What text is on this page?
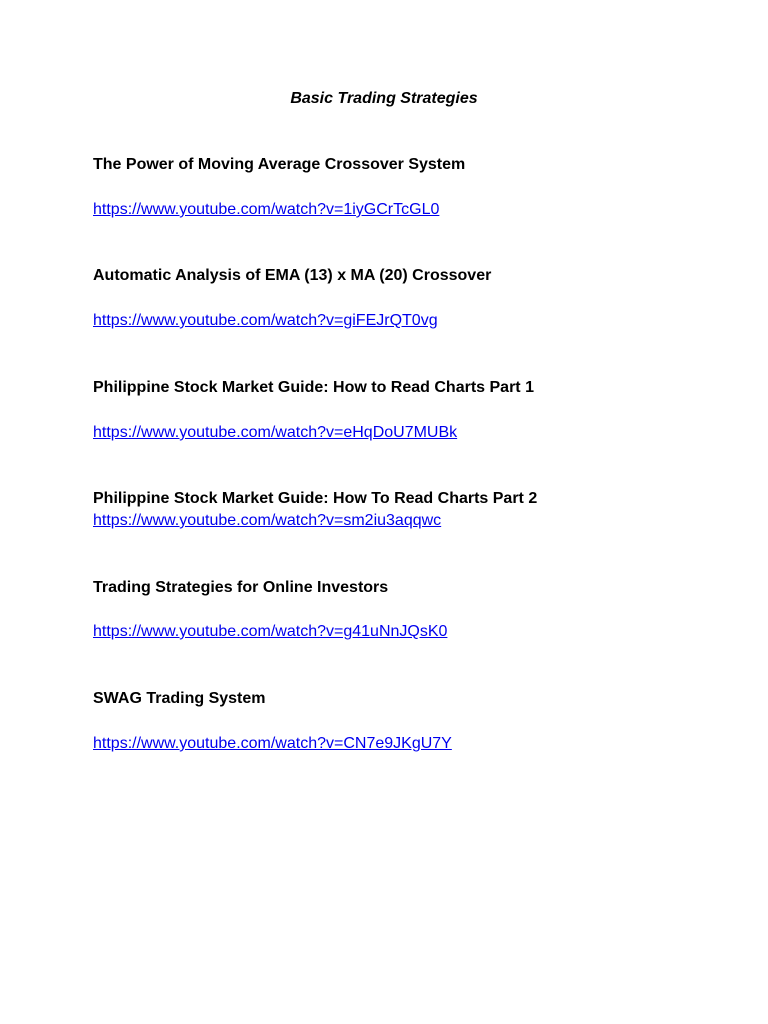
Basic Trading Strategies
The Power of Moving Average Crossover System
https://www.youtube.com/watch?v=1iyGCrTcGL0
Automatic Analysis of EMA (13) x MA (20) Crossover
https://www.youtube.com/watch?v=giFEJrQT0vg
Philippine Stock Market Guide: How to Read Charts Part 1
https://www.youtube.com/watch?v=eHqDoU7MUBk
Philippine Stock Market Guide: How To Read Charts Part 2
https://www.youtube.com/watch?v=sm2iu3aqqwc
Trading Strategies for Online Investors
https://www.youtube.com/watch?v=g41uNnJQsK0
SWAG Trading System
https://www.youtube.com/watch?v=CN7e9JKgU7Y
